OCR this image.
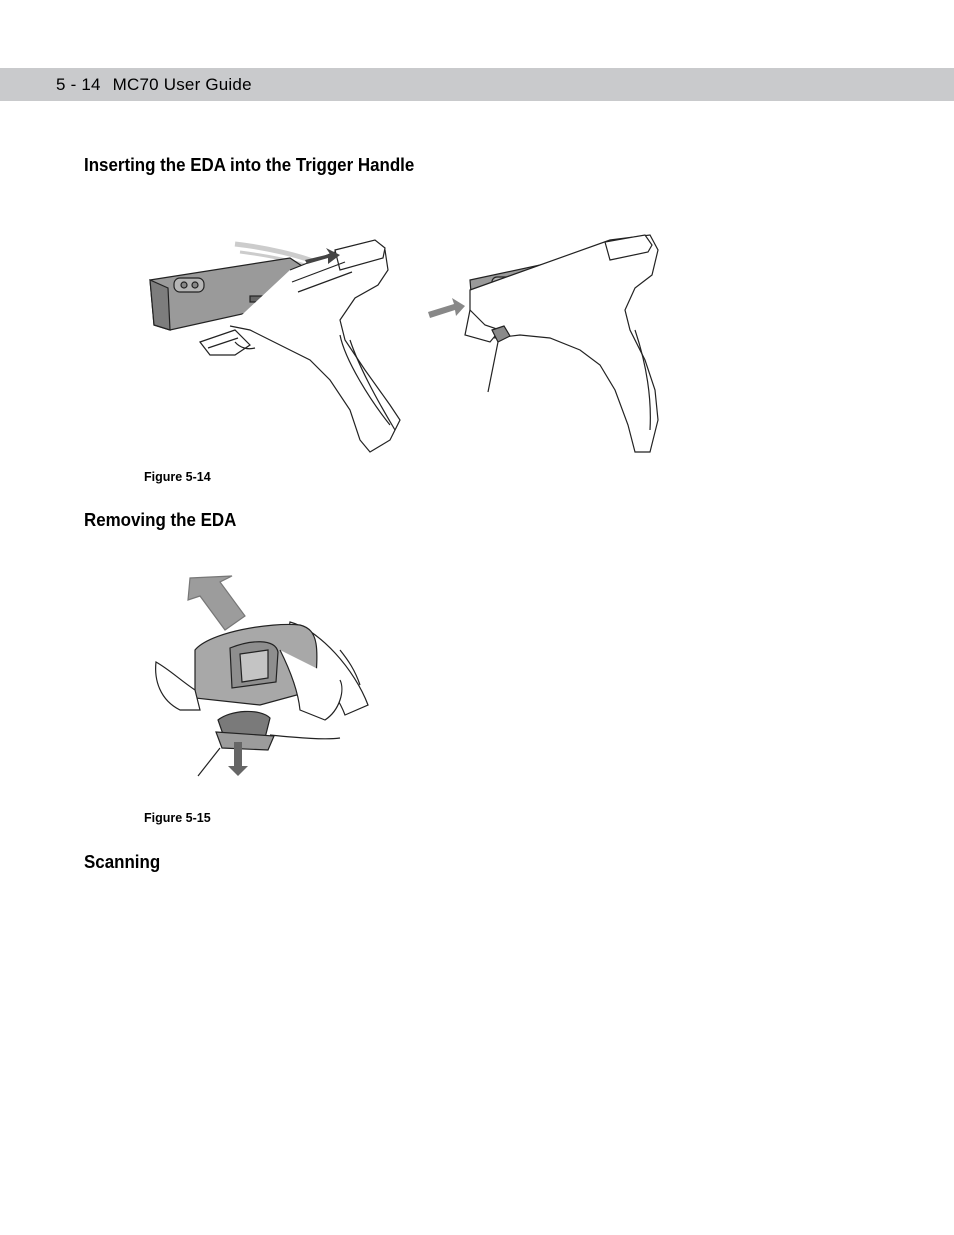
5 - 14 MC70 User Guide
Inserting the EDA into the Trigger Handle
Figure 5-14
Removing the EDA
Figure 5-15
Scanning
